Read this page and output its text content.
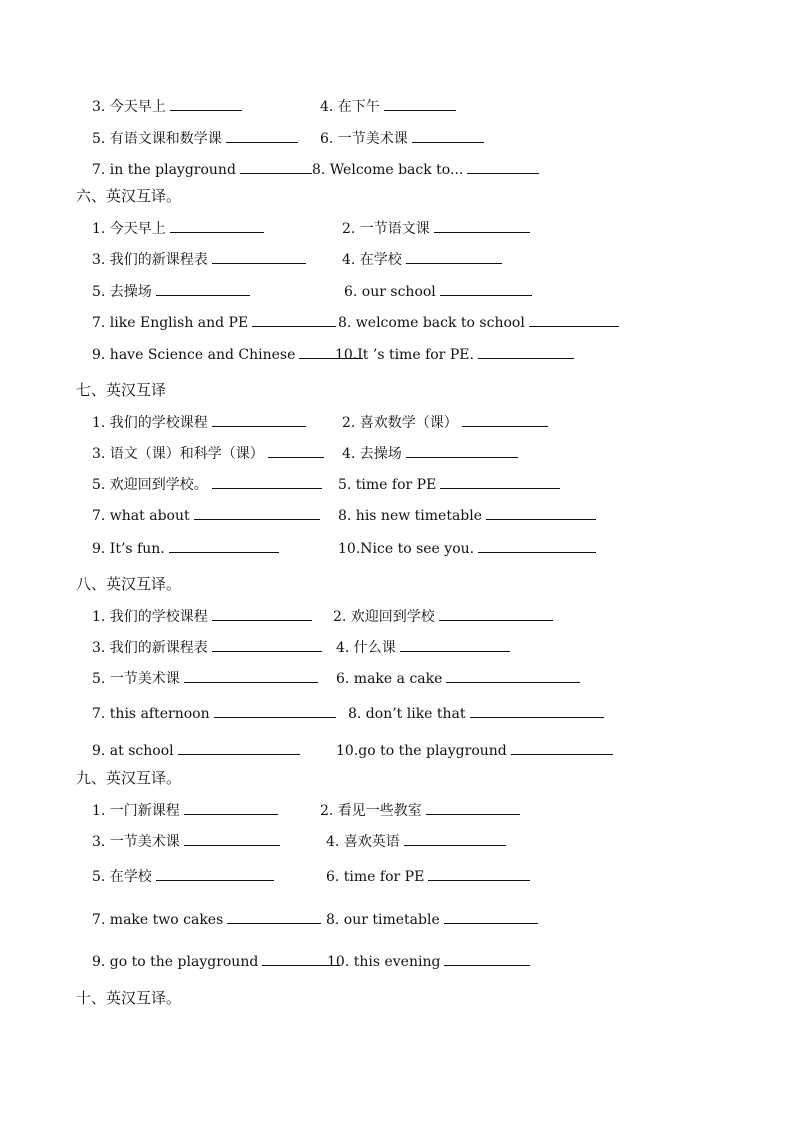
3. 今天早上	4. 在下午
5. 有语文课和数学课	6. 一节美术课
7. in the playground	8. Welcome back to...
六、英汉互译。
1. 今天早上	2. 一节语文课
3. 我们的新课程表	4. 在学校
5. 去操场	6. our school
7. like English and PE	8. welcome back to school
9. have Science and Chinese	10.It ’s time for PE.
七、英汉互译
1. 我们的学校课程	2. 喜欢数学（课）
3. 语文（课）和科学（课）	4. 去操场
5. 欢迎回到学校。	5. time for PE
7. what about	8. his new timetable
9. It’s fun.	10.Nice to see you.
八、英汉互译。
1. 我们的学校课程	2. 欢迎回到学校
3. 我们的新课程表	4. 什么课
5. 一节美术课	6. make a cake
7. this afternoon	8. don’t like that
9. at school	10.go to the playground
九、英汉互译。
1. 一门新课程	2. 看见一些教室
3. 一节美术课	4. 喜欢英语
5. 在学校	6. time for PE
7. make two cakes	8. our timetable
9. go to the playground	10. this evening
十、英汉互译。
